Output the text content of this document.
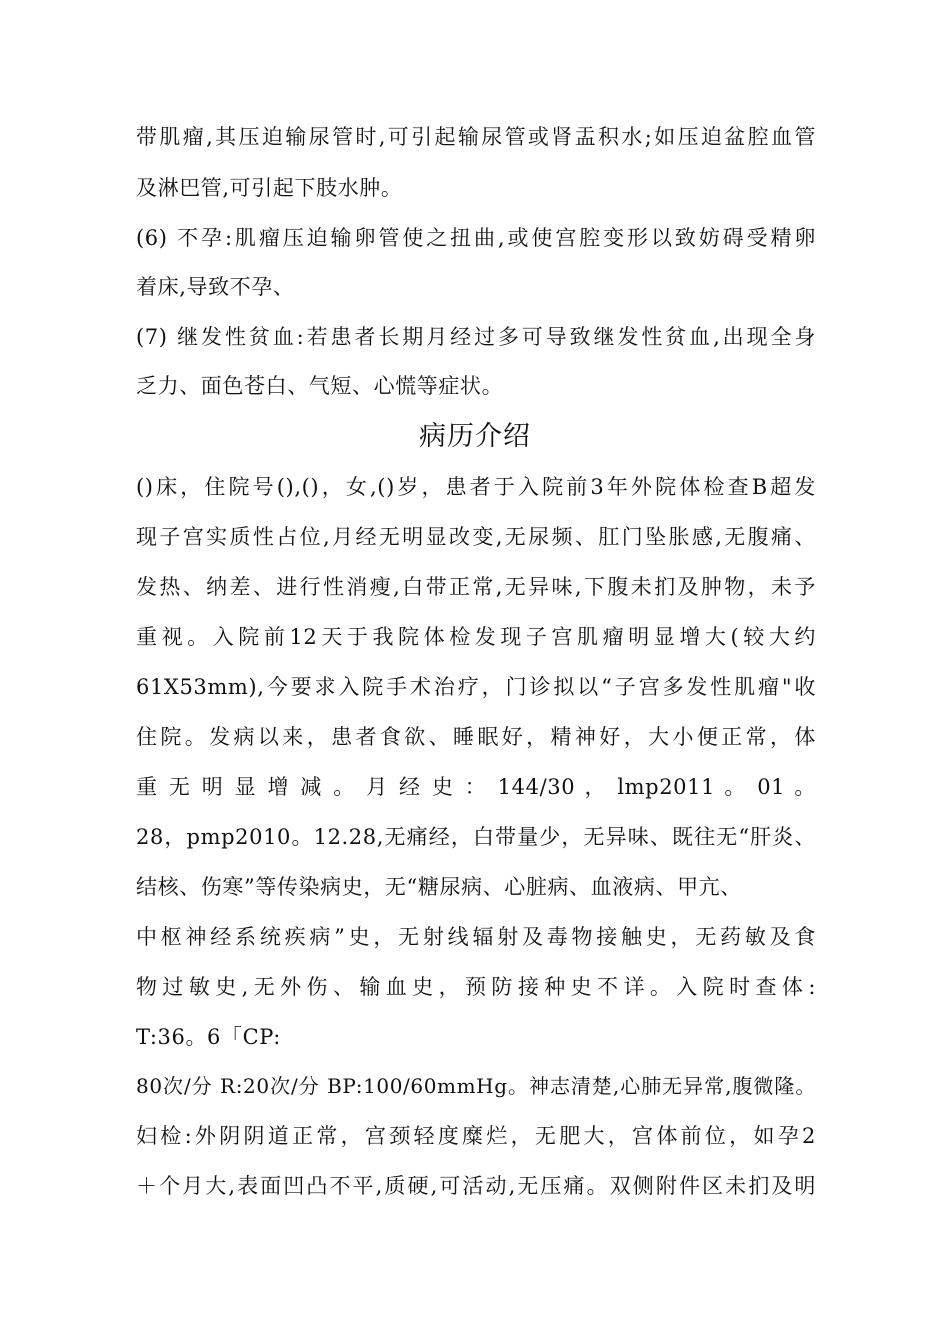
带肌瘤,其压迫输尿管时,可引起输尿管或肾盂积水;如压迫盆腔血管
及淋巴管,可引起下肢水肿。
(6) 不孕:肌瘤压迫输卵管使之扭曲,或使宫腔变形以致妨碍受精卵
着床,导致不孕、
(7) 继发性贫血:若患者长期月经过多可导致继发性贫血,出现全身
乏力、面色苍白、气短、心慌等症状。
病历介绍
()床，住院号(),()，女,()岁，患者于入院前3年外院体检查B超发
现子宫实质性占位,月经无明显改变,无尿频、肛门坠胀感,无腹痛、
发热、纳差、进行性消瘦,白带正常,无异味,下腹未扪及肿物，未予
重视。入院前12天于我院体检发现子宫肌瘤明显增大(较大约
61X53mm),今要求入院手术治疗，门诊拟以“子宫多发性肌瘤"收
住院。发病以来，患者食欲、睡眠好，精神好，大小便正常，体
重 无 明 显 增 减 。 月 经 史 ： 144/30 ， lmp2011 。 01 。
28，pmp2010。12.28,无痛经，白带量少，无异味、既往无“肝炎、
结核、伤寒”等传染病史，无“糖尿病、心脏病、血液病、甲亢、
中枢神经系统疾病”史，无射线辐射及毒物接触史，无药敏及食
物过敏史,无外伤、输血史，预防接种史不详。入院时查体:
T:36。6「CP:
80次/分 R:20次/分 BP:100/60mmHg。神志清楚,心肺无异常,腹微隆。
妇检:外阴阴道正常，宫颈轻度糜烂，无肥大，宫体前位，如孕2
＋个月大,表面凹凸不平,质硬,可活动,无压痛。双侧附件区未扪及明
